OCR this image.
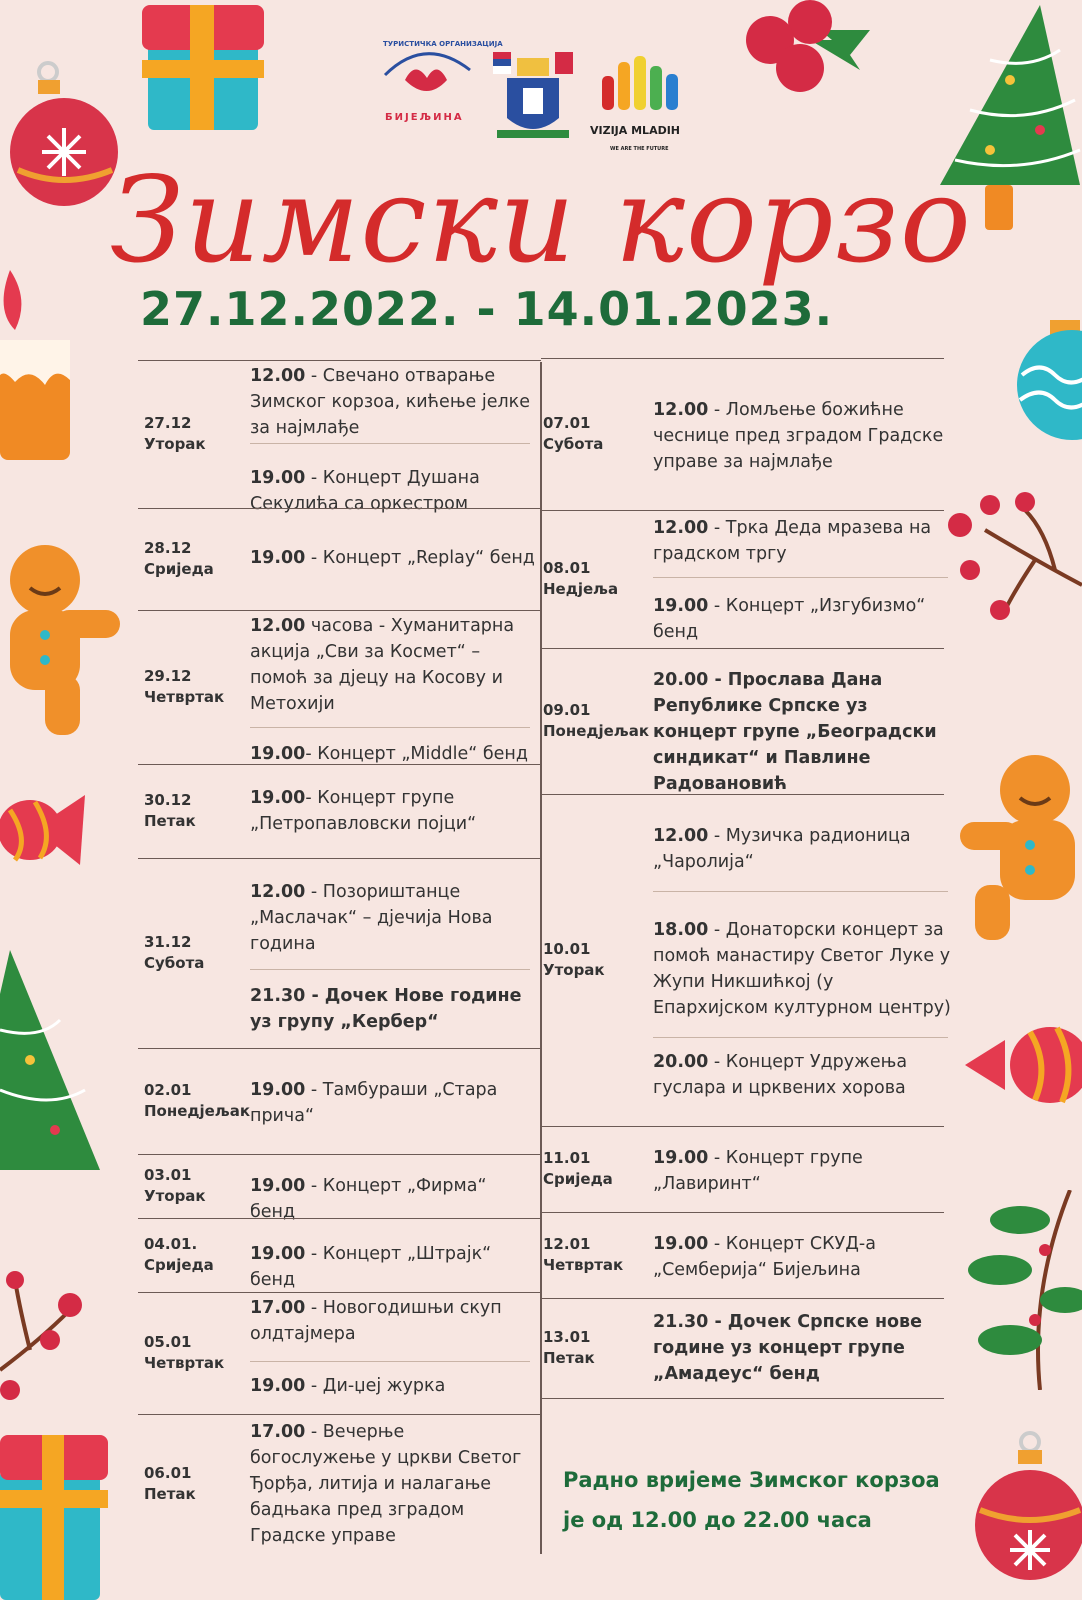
ТУРИСТИЧКА ОРГАНИЗАЦИЈА
БИЈЕЉИНА
VIZIJA MLADIH
WE ARE THE FUTURE
Зимски корзо
27.12.2022. - 14.01.2023.
27.12
Уторак
12.00 - Свечано отварање Зимског корзоа, кићење јелке за најмлађе
19.00 - Концерт Душана Секулића са оркестром
28.12
Сриједа
19.00 - Концерт „Replay“ бенд
29.12
Четвртак
12.00 часова - Хуманитарна акција „Сви за Космет“ – помоћ за дјецу на Косову и Метохији
19.00- Концерт „Middle“ бенд
30.12
Петак
19.00- Концерт групе „Петропавловски појци“
31.12
Субота
12.00 - Позориштанце „Маслачак“ – дјечија Нова година
21.30 - Дочек Нове године уз групу „Кербер“
02.01
Понедјељак
19.00 - Тамбураши „Стара прича“
03.01
Уторак	19.00 - Концерт „Фирма“ бенд
04.01.
Сриједа
19.00 - Концерт „Штрајк“ бенд
05.01
Четвртак
17.00 - Новогодишњи скуп олдтајмера
19.00 - Ди-џеј журка
06.01
Петак
17.00 - Вечерње богослужење у цркви Светог Ђорђа, литија и налагање бадњака пред зградом Градске управе
07.01
Субота
12.00 - Ломљење божићне чеснице пред зградом Градске управе за најмлађе
08.01
Недјеља
12.00 - Трка Деда мразева на градском тргу
19.00 - Концерт „Изгубизмо“ бенд
09.01
Понедјељак
20.00 - Прослава Дана Републике Српске уз концерт групе „Београдски синдикат“ и Павлине Радовановић
10.01
Уторак
12.00 - Музичка радионица „Чаролија“
18.00 - Донаторски концерт за помоћ манастиру Светог Луке у Жупи Никшићкој (у Епархијском културном центру)
20.00 - Концерт Удружења гуслара и црквених хорова
11.01
Сриједа
19.00 - Концерт групе „Лавиринт“
12.01
Четвртак
19.00 - Концерт СКУД-а „Семберија“ Бијељина
13.01
Петак
21.30 - Дочек Српске нове године уз концерт групе „Амадеус“ бенд
Радно вријеме Зимског корзоа
је од 12.00 до 22.00 часа
